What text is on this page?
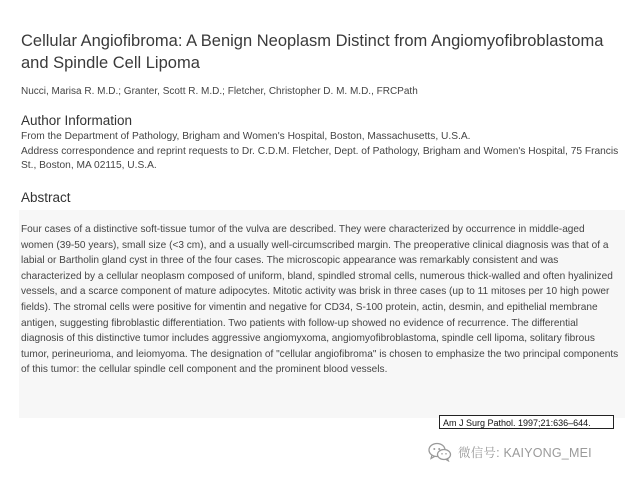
Cellular Angiofibroma: A Benign Neoplasm Distinct from Angiomyofibroblastoma and Spindle Cell Lipoma
Nucci, Marisa R. M.D.; Granter, Scott R. M.D.; Fletcher, Christopher D. M. M.D., FRCPath
Author Information

From the Department of Pathology, Brigham and Women's Hospital, Boston, Massachusetts, U.S.A.

Address correspondence and reprint requests to Dr. C.D.M. Fletcher, Dept. of Pathology, Brigham and Women's Hospital, 75 Francis St., Boston, MA 02115, U.S.A.

Abstract

Four cases of a distinctive soft-tissue tumor of the vulva are described. They were characterized by occurrence in middle-aged women (39-50 years), small size (<3 cm), and a usually well-circumscribed margin. The preoperative clinical diagnosis was that of a labial or Bartholin gland cyst in three of the four cases. The microscopic appearance was remarkably consistent and was characterized by a cellular neoplasm composed of uniform, bland, spindled stromal cells, numerous thick-walled and often hyalinized vessels, and a scarce component of mature adipocytes. Mitotic activity was brisk in three cases (up to 11 mitoses per 10 high power fields). The stromal cells were positive for vimentin and negative for CD34, S-100 protein, actin, desmin, and epithelial membrane antigen, suggesting fibroblastic differentiation. Two patients with follow-up showed no evidence of recurrence. The differential diagnosis of this distinctive tumor includes aggressive angiomyxoma, angiomyofibroblastoma, spindle cell lipoma, solitary fibrous tumor, perineurioma, and leiomyoma. The designation of "cellular angiofibroma" is chosen to emphasize the two principal components of this tumor: the cellular spindle cell component and the prominent blood vessels.

Am J Surg Pathol. 1997;21:636–644.
微信号: KAIYONG_MEI
